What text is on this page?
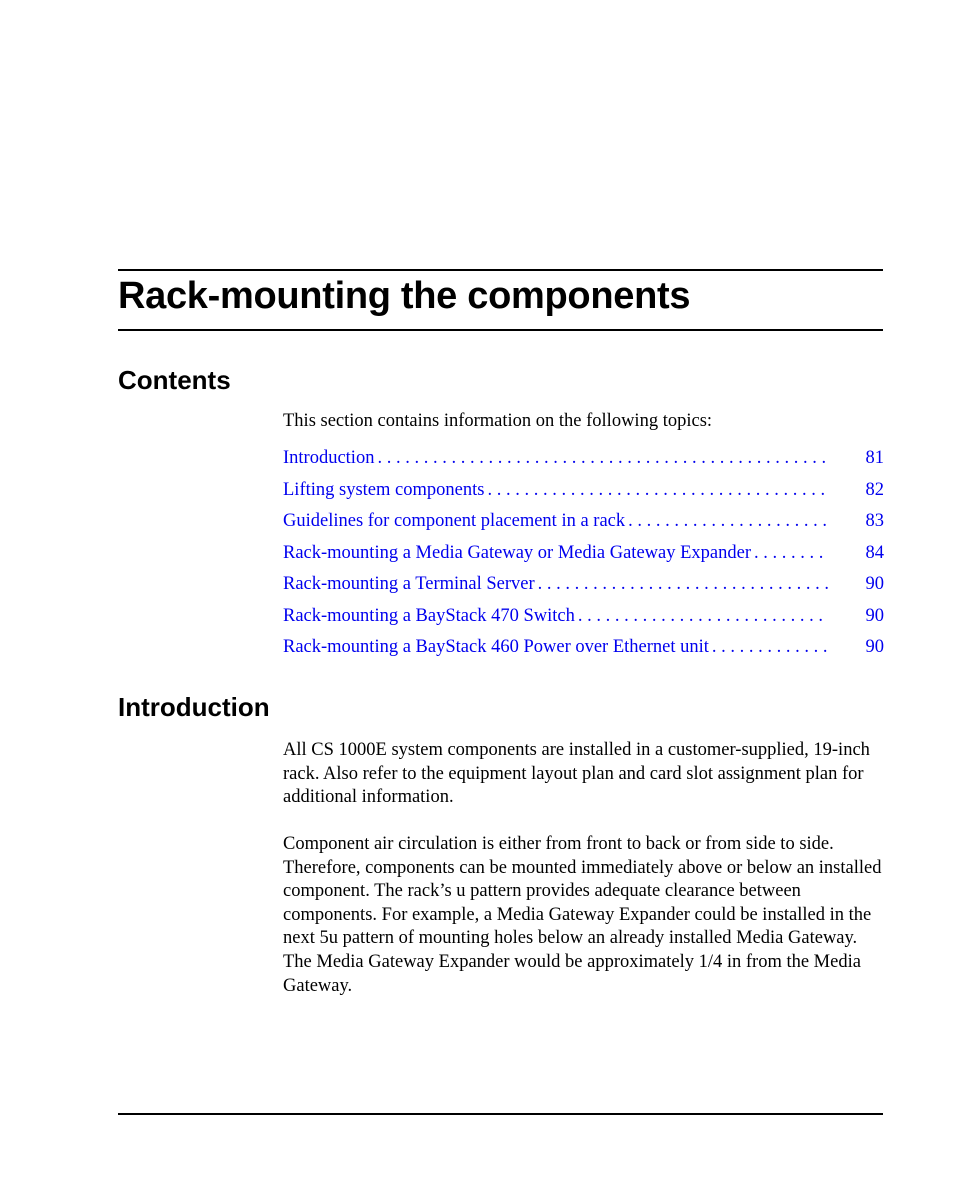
Rack-mounting the components
Contents

This section contains information on the following topics:

Introduction . . .	81
Lifting system components . . .	82
Guidelines for component placement in a rack . . .	83
Rack-mounting a Media Gateway or Media Gateway Expander . . .	84
Rack-mounting a Terminal Server . . .	90
Rack-mounting a BayStack 470 Switch . . .	90
Rack-mounting a BayStack 460 Power over Ethernet unit . . .	90
Introduction

All CS 1000E system components are installed in a customer-supplied, 19-inch rack. Also refer to the equipment layout plan and card slot assignment plan for additional information.

Component air circulation is either from front to back or from side to side. Therefore, components can be mounted immediately above or below an installed component. The rack’s u pattern provides adequate clearance between components. For example, a Media Gateway Expander could be installed in the next 5u pattern of mounting holes below an already installed Media Gateway. The Media Gateway Expander would be approximately 1/4 in from the Media Gateway.
